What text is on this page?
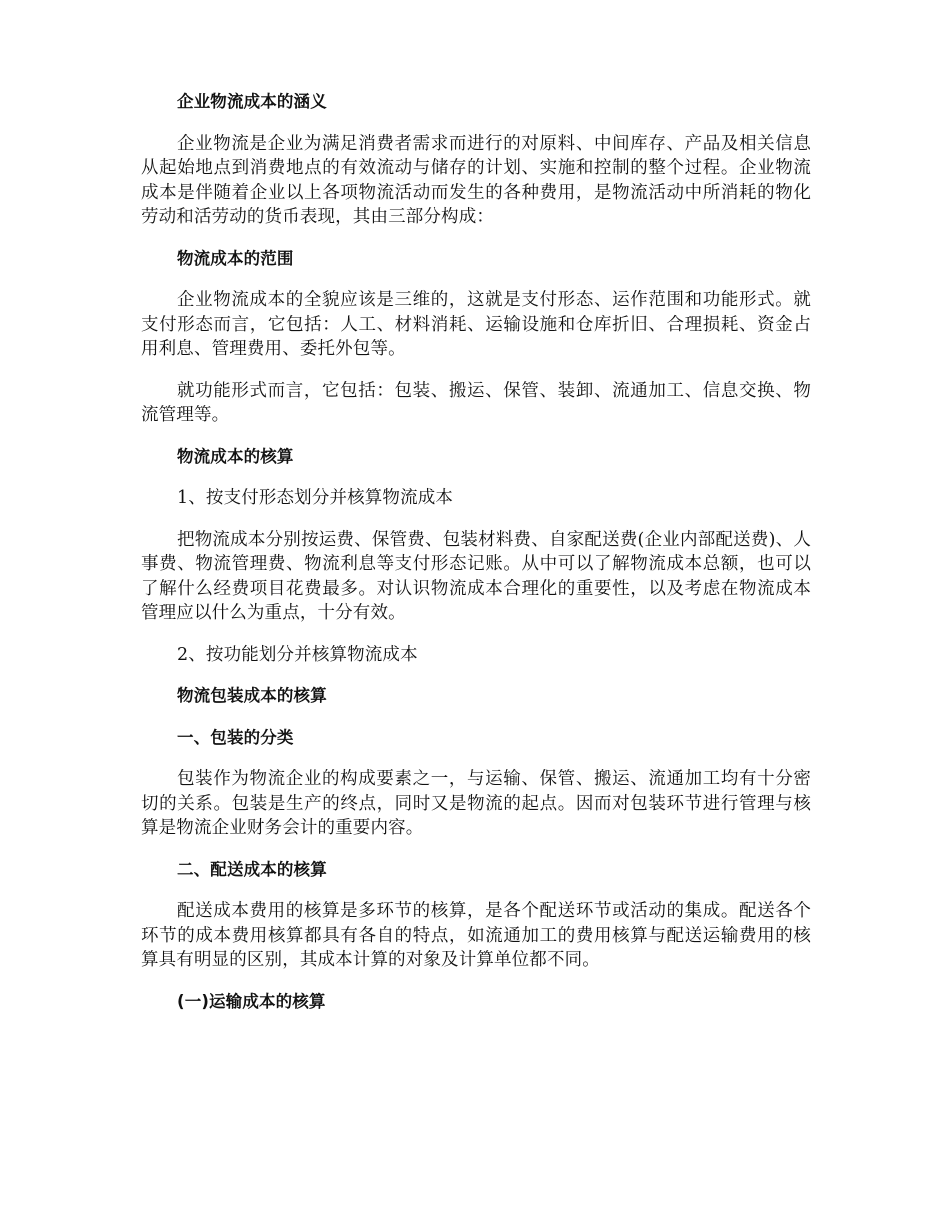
企业物流成本的涵义

企业物流是企业为满足消费者需求而进行的对原料、中间库存、产品及相关信息从起始地点到消费地点的有效流动与储存的计划、实施和控制的整个过程。企业物流成本是伴随着企业以上各项物流活动而发生的各种费用，是物流活动中所消耗的物化劳动和活劳动的货币表现，其由三部分构成：

物流成本的范围

企业物流成本的全貌应该是三维的，这就是支付形态、运作范围和功能形式。就支付形态而言，它包括：人工、材料消耗、运输设施和仓库折旧、合理损耗、资金占用利息、管理费用、委托外包等。

就功能形式而言，它包括：包装、搬运、保管、装卸、流通加工、信息交换、物流管理等。

物流成本的核算

1、按支付形态划分并核算物流成本

把物流成本分别按运费、保管费、包装材料费、自家配送费(企业内部配送费)、人事费、物流管理费、物流利息等支付形态记账。从中可以了解物流成本总额，也可以了解什么经费项目花费最多。对认识物流成本合理化的重要性，以及考虑在物流成本管理应以什么为重点，十分有效。

2、按功能划分并核算物流成本

物流包装成本的核算

一、包装的分类

包装作为物流企业的构成要素之一，与运输、保管、搬运、流通加工均有十分密切的关系。包装是生产的终点，同时又是物流的起点。因而对包装环节进行管理与核算是物流企业财务会计的重要内容。

二、配送成本的核算

配送成本费用的核算是多环节的核算，是各个配送环节或活动的集成。配送各个环节的成本费用核算都具有各自的特点，如流通加工的费用核算与配送运输费用的核算具有明显的区别，其成本计算的对象及计算单位都不同。

(一)运输成本的核算
